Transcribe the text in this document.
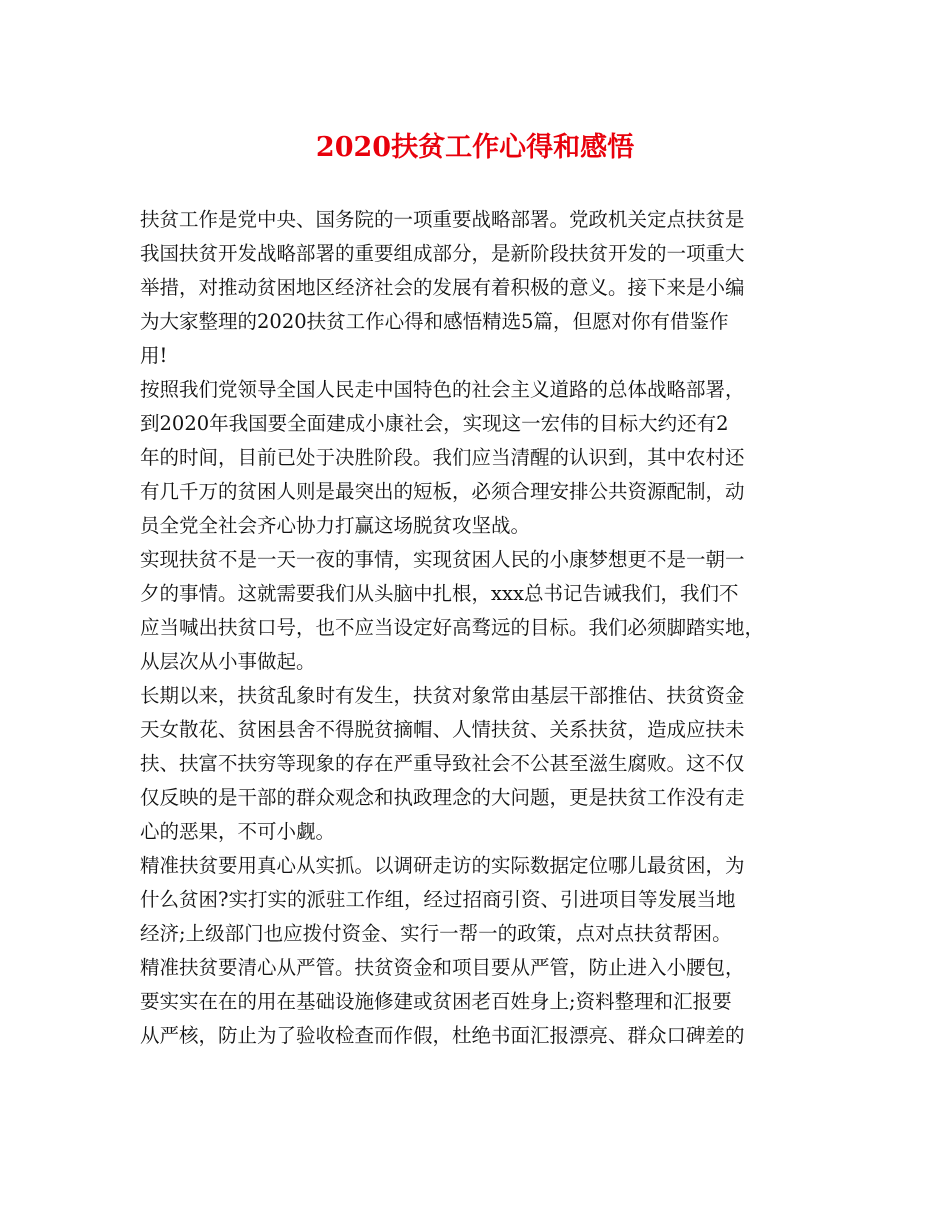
2020扶贫工作心得和感悟
扶贫工作是党中央、国务院的一项重要战略部署。党政机关定点扶贫是
我国扶贫开发战略部署的重要组成部分，是新阶段扶贫开发的一项重大
举措，对推动贫困地区经济社会的发展有着积极的意义。接下来是小编
为大家整理的2020扶贫工作心得和感悟精选5篇，但愿对你有借鉴作
用!
按照我们党领导全国人民走中国特色的社会主义道路的总体战略部署，
到2020年我国要全面建成小康社会，实现这一宏伟的目标大约还有2
年的时间，目前已处于决胜阶段。我们应当清醒的认识到，其中农村还
有几千万的贫困人则是最突出的短板，必须合理安排公共资源配制，动
员全党全社会齐心协力打赢这场脱贫攻坚战。
实现扶贫不是一天一夜的事情，实现贫困人民的小康梦想更不是一朝一
夕的事情。这就需要我们从头脑中扎根，xxx总书记告诫我们，我们不
应当喊出扶贫口号，也不应当设定好高骛远的目标。我们必须脚踏实地，
从层次从小事做起。
长期以来，扶贫乱象时有发生，扶贫对象常由基层干部推估、扶贫资金
天女散花、贫困县舍不得脱贫摘帽、人情扶贫、关系扶贫，造成应扶未
扶、扶富不扶穷等现象的存在严重导致社会不公甚至滋生腐败。这不仅
仅反映的是干部的群众观念和执政理念的大问题，更是扶贫工作没有走
心的恶果，不可小觑。
精准扶贫要用真心从实抓。以调研走访的实际数据定位哪儿最贫困，为
什么贫困?实打实的派驻工作组，经过招商引资、引进项目等发展当地
经济;上级部门也应拨付资金、实行一帮一的政策，点对点扶贫帮困。
精准扶贫要清心从严管。扶贫资金和项目要从严管，防止进入小腰包，
要实实在在的用在基础设施修建或贫困老百姓身上;资料整理和汇报要
从严核，防止为了验收检查而作假，杜绝书面汇报漂亮、群众口碑差的
